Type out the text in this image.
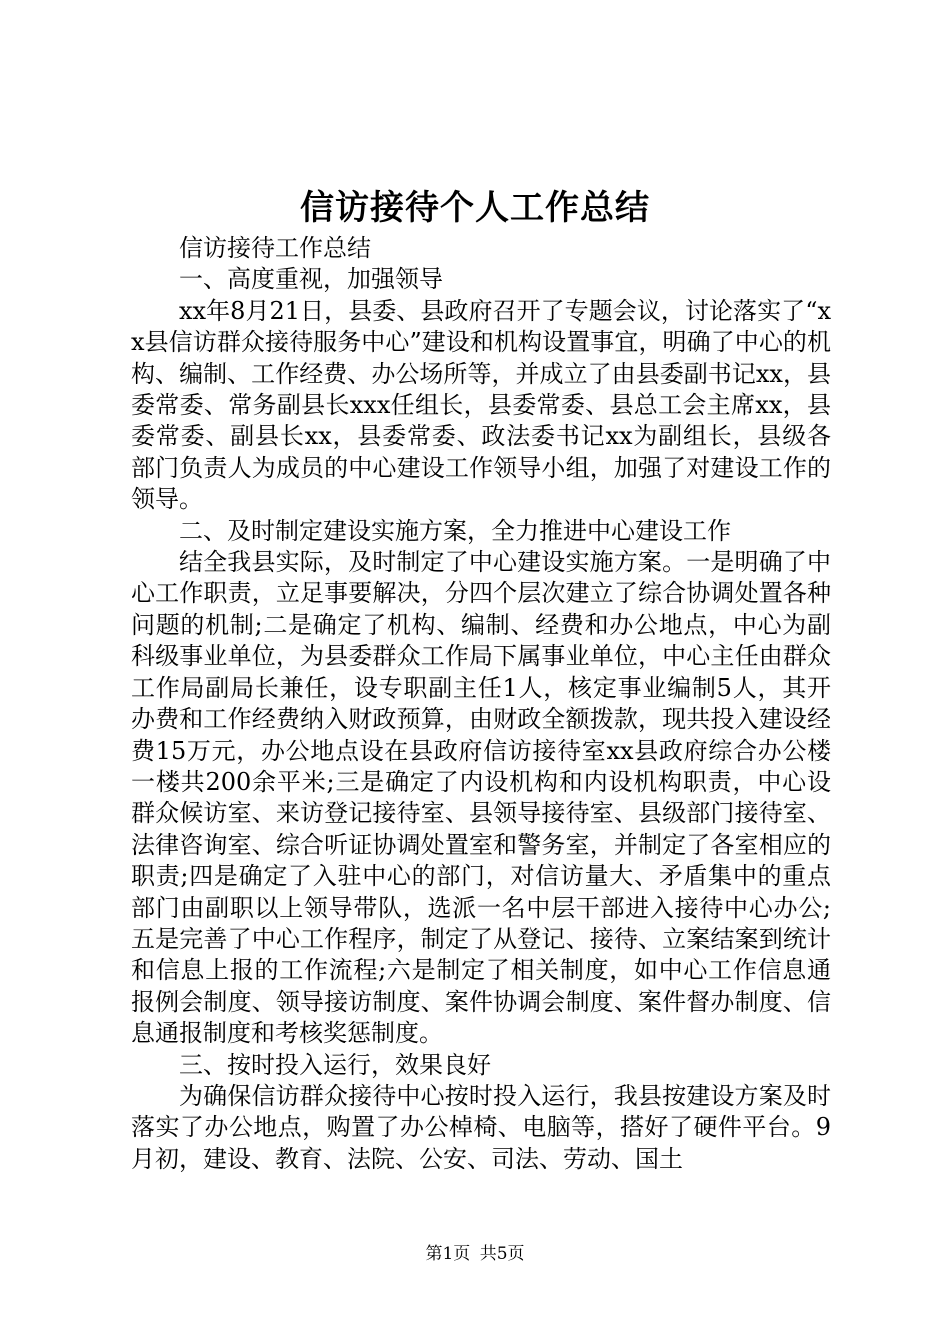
信访接待个人工作总结

信访接待工作总结

一、高度重视，加强领导

xx年8月21日，县委、县政府召开了专题会议，讨论落实了“xx县信访群众接待服务中心”建设和机构设置事宜，明确了中心的机构、编制、工作经费、办公场所等，并成立了由县委副书记xx，县委常委、常务副县长xxx任组长，县委常委、县总工会主席xx，县委常委、副县长xx，县委常委、政法委书记xx为副组长，县级各部门负责人为成员的中心建设工作领导小组，加强了对建设工作的领导。

二、及时制定建设实施方案，全力推进中心建设工作

结全我县实际，及时制定了中心建设实施方案。一是明确了中心工作职责，立足事要解决，分四个层次建立了综合协调处置各种问题的机制;二是确定了机构、编制、经费和办公地点，中心为副科级事业单位，为县委群众工作局下属事业单位，中心主任由群众工作局副局长兼任，设专职副主任1人，核定事业编制5人，其开办费和工作经费纳入财政预算，由财政全额拨款，现共投入建设经费15万元，办公地点设在县政府信访接待室xx县政府综合办公楼一楼共200余平米;三是确定了内设机构和内设机构职责，中心设群众候访室、来访登记接待室、县领导接待室、县级部门接待室、法律咨询室、综合听证协调处置室和警务室，并制定了各室相应的职责;四是确定了入驻中心的部门，对信访量大、矛盾集中的重点部门由副职以上领导带队，选派一名中层干部进入接待中心办公;五是完善了中心工作程序，制定了从登记、接待、立案结案到统计和信息上报的工作流程;六是制定了相关制度，如中心工作信息通报例会制度、领导接访制度、案件协调会制度、案件督办制度、信息通报制度和考核奖惩制度。

三、按时投入运行，效果良好

为确保信访群众接待中心按时投入运行，我县按建设方案及时落实了办公地点，购置了办公棹椅、电脑等，搭好了硬件平台。9月初，建设、教育、法院、公安、司法、劳动、国土

第1页 共5页
